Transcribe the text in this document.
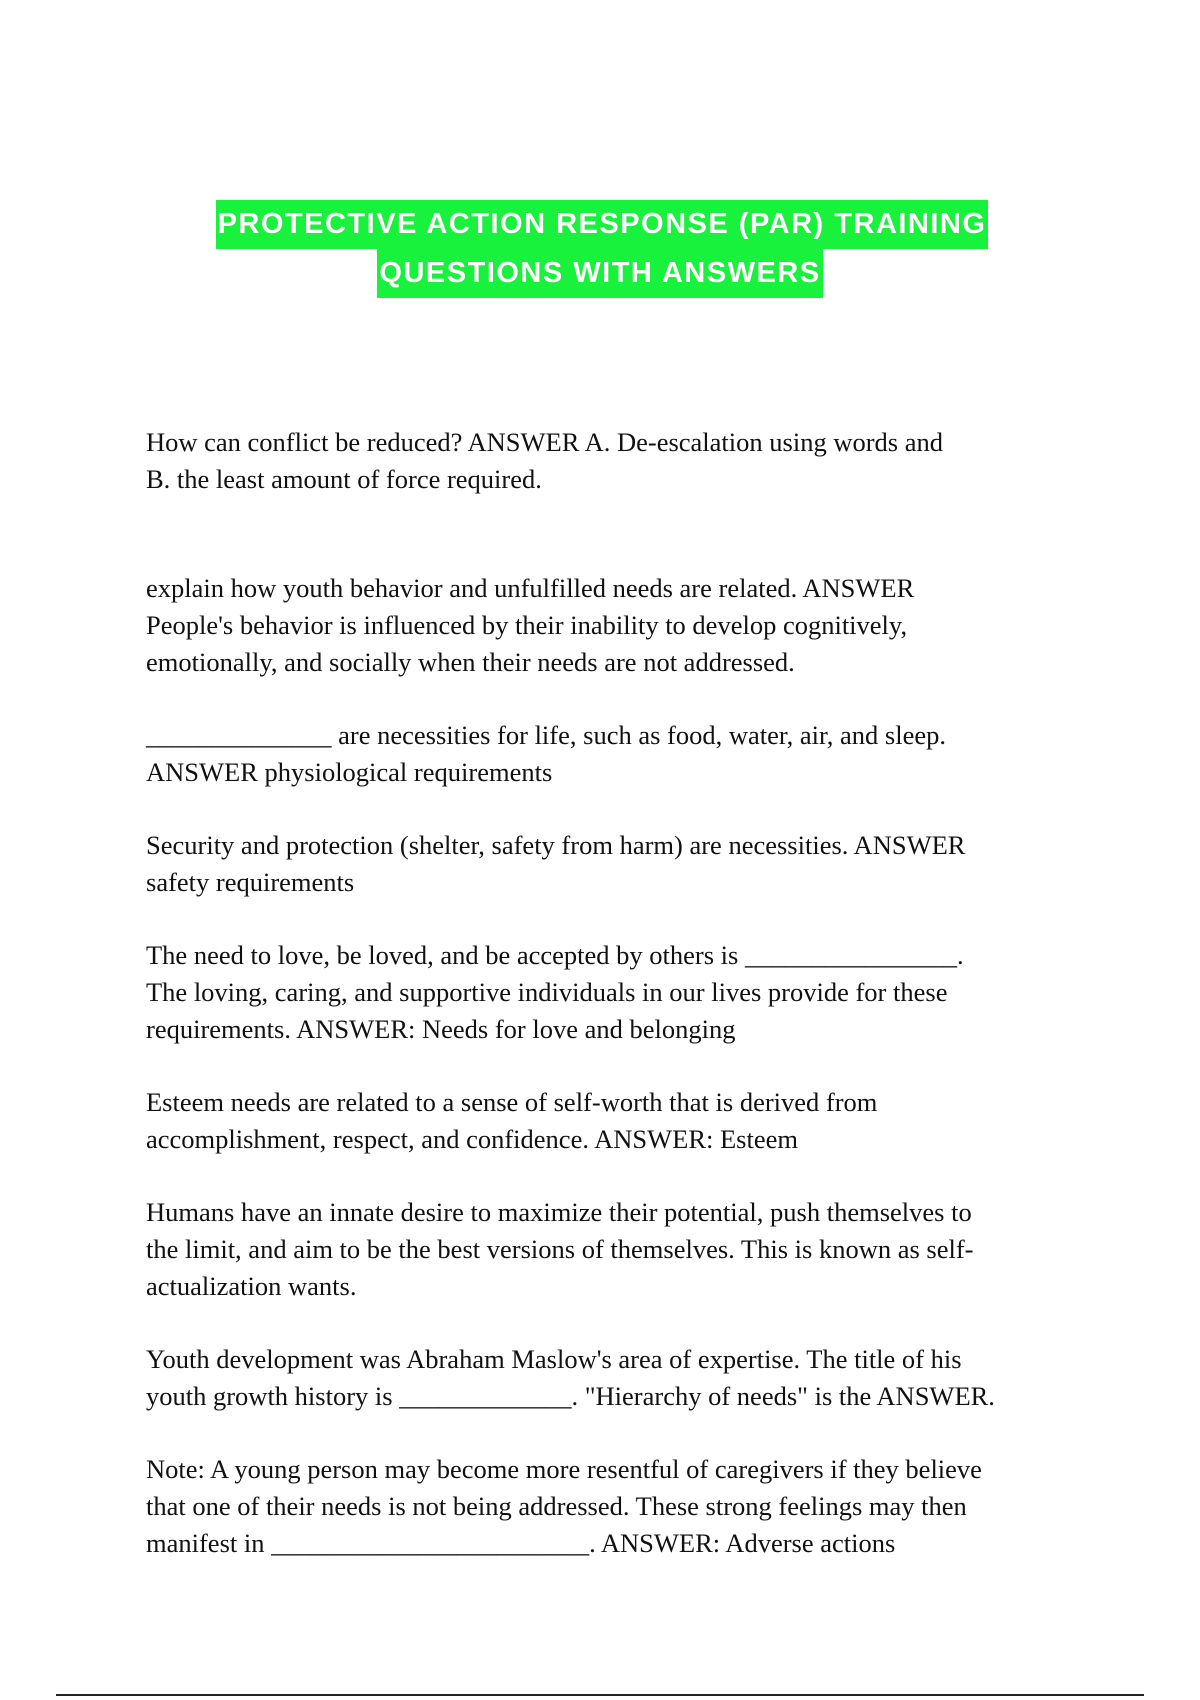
PROTECTIVE ACTION RESPONSE (PAR) TRAINING
QUESTIONS WITH ANSWERS

How can conflict be reduced? ANSWER A. De-escalation using words and
B. the least amount of force required.

explain how youth behavior and unfulfilled needs are related. ANSWER
People's behavior is influenced by their inability to develop cognitively,
emotionally, and socially when their needs are not addressed.

______________ are necessities for life, such as food, water, air, and sleep.
ANSWER physiological requirements

Security and protection (shelter, safety from harm) are necessities. ANSWER
safety requirements

The need to love, be loved, and be accepted by others is ________________.
The loving, caring, and supportive individuals in our lives provide for these
requirements. ANSWER: Needs for love and belonging

Esteem needs are related to a sense of self-worth that is derived from
accomplishment, respect, and confidence. ANSWER: Esteem

Humans have an innate desire to maximize their potential, push themselves to
the limit, and aim to be the best versions of themselves. This is known as self-
actualization wants.

Youth development was Abraham Maslow's area of expertise. The title of his
youth growth history is _____________. "Hierarchy of needs" is the ANSWER.

Note: A young person may become more resentful of caregivers if they believe
that one of their needs is not being addressed. These strong feelings may then
manifest in ________________________. ANSWER: Adverse actions
